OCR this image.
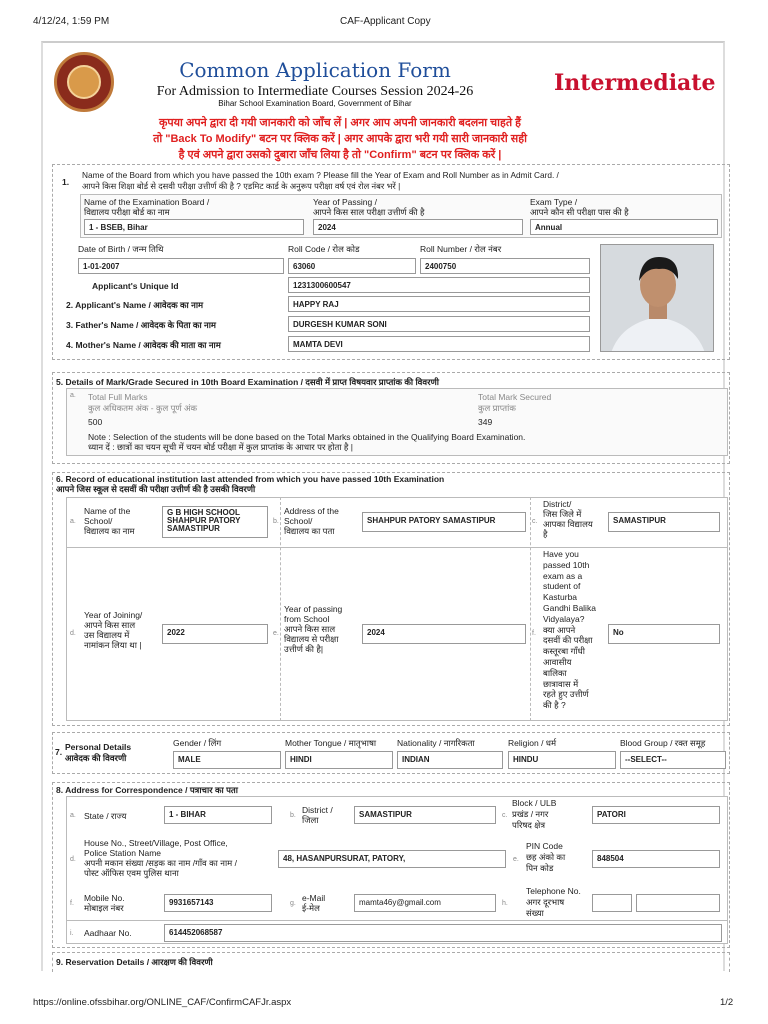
4/12/24, 1:59 PM	CAF-Applicant Copy
Common Application Form
For Admission to Intermediate Courses Session 2024-26
Bihar School Examination Board, Government of Bihar
Intermediate
कृपया अपने द्वारा दी गयी जानकारी को जाँच लें | अगर आप अपनी जानकारी बदलना चाहते हैं
तो "Back To Modify" बटन पर क्लिक करें | अगर आपके द्वारा भरी गयी सारी जानकारी सही
है एवं अपने द्वारा उसको दुबारा जाँच लिया है तो "Confirm" बटन पर क्लिक करें |
1.
Name of the Board from which you have passed the 10th exam ? Please fill the Year of Exam and Roll Number as in Admit Card. /
आपने किस शिक्षा बोर्ड से दसवी परीक्षा उत्तीर्ण की है ? एडमिट कार्ड के अनुरूप परीक्षा वर्ष एवं रोल नंबर भरें |
Name of the Examination Board /
विद्यालय परीक्षा बोर्ड का नाम
1 - BSEB, Bihar
Year of Passing /
आपने किस साल परीक्षा उत्तीर्ण की है
2024
Exam Type /
आपने कौन सी परीक्षा पास की है
Annual
Date of Birth / जन्म तिथि
1-01-2007
Roll Code / रोल कोड
63060
Roll Number / रोल नंबर
2400750
Applicant's Unique Id	1231300600547
2. Applicant's Name / आवेदक का नाम	HAPPY RAJ
3. Father's Name / आवेदक के पिता का नाम	DURGESH KUMAR SONI
4. Mother's Name / आवेदक की माता का नाम	MAMTA DEVI
5. Details of Mark/Grade Secured in 10th Board Examination / दसवी में प्राप्त विषयवार प्राप्तांक की विवरणी
a. Total Full Marks
कुल अधिकतम अंक - कुल पूर्ण अंक
500
Total Mark Secured
कुल प्राप्तांक
349
Note : Selection of the students will be done based on the Total Marks obtained in the Qualifying Board Examination.
ध्यान दें : छात्रों का चयन सूची में चयन बोर्ड परीक्षा में कुल प्राप्तांक के आधार पर होता है |
6. Record of educational institution last attended from which you have passed 10th Examination
आपने जिस स्कूल से दसवीं की परीक्षा उत्तीर्ण की है उसकी विवरणी
a.
Name of the
School/
विद्यालय का नाम
G B HIGH SCHOOL
SHAHPUR PATORY
SAMASTIPUR
b.
Address of the
School/
विद्यालय का पता
SHAHPUR PATORY SAMASTIPUR	c.
District/
जिस जिले में
आपका विद्यालय
है
SAMASTIPUR
d.
Year of Joining/
आपने किस साल
उस विद्यालय में
नामांकन लिया था |
2022	e.
Year of passing
from School
आपने किस साल
विद्यालय से परीक्षा
उत्तीर्ण की है|
2024	f.
Have you
passed 10th
exam as a
student of
Kasturba
Gandhi Balika
Vidyalaya?
क्या आपने
दसवीं की परीक्षा
कस्तूरबा गाँधी
आवासीय
बालिका
छात्रावास में
रहते हुए उत्तीर्ण
की है ?
No
7. Personal Details
आवेदक की विवरणी
Gender / लिंग
MALE
Mother Tongue / मातृभाषा
HINDI
Nationality / नागरिकता
INDIAN
Religion / धर्म
HINDU
Blood Group / रक्त समूह
--SELECT--
8. Address for Correspondence / पत्राचार का पता
a. State / राज्य	1 - BIHAR	b.
District /
जिला
SAMASTIPUR	c.
Block / ULB
प्रखंड / नगर
परिषद क्षेत्र
PATORI
d.
House No., Street/Village, Post Office,
Police Station Name
अपनी मकान संख्या /सड़क का नाम /गाँव का नाम /
पोस्ट ऑफिस एवम पुलिस थाना
48, HASANPURSURAT, PATORY,	e.
PIN Code
छह अंको का
पिन कोड
848504
f.
Mobile No.
मोबाइल नंबर
9931657143	g.
e-Mail
ई-मेल
mamta46y@gmail.com	h.
Telephone No.
अगर दूरभाष
संख्या
i. Aadhaar No.	614452068587
9. Reservation Details / आरक्षण की विवरणी
https://online.ofssbihar.org/ONLINE_CAF/ConfirmCAFJr.aspx	1/2
